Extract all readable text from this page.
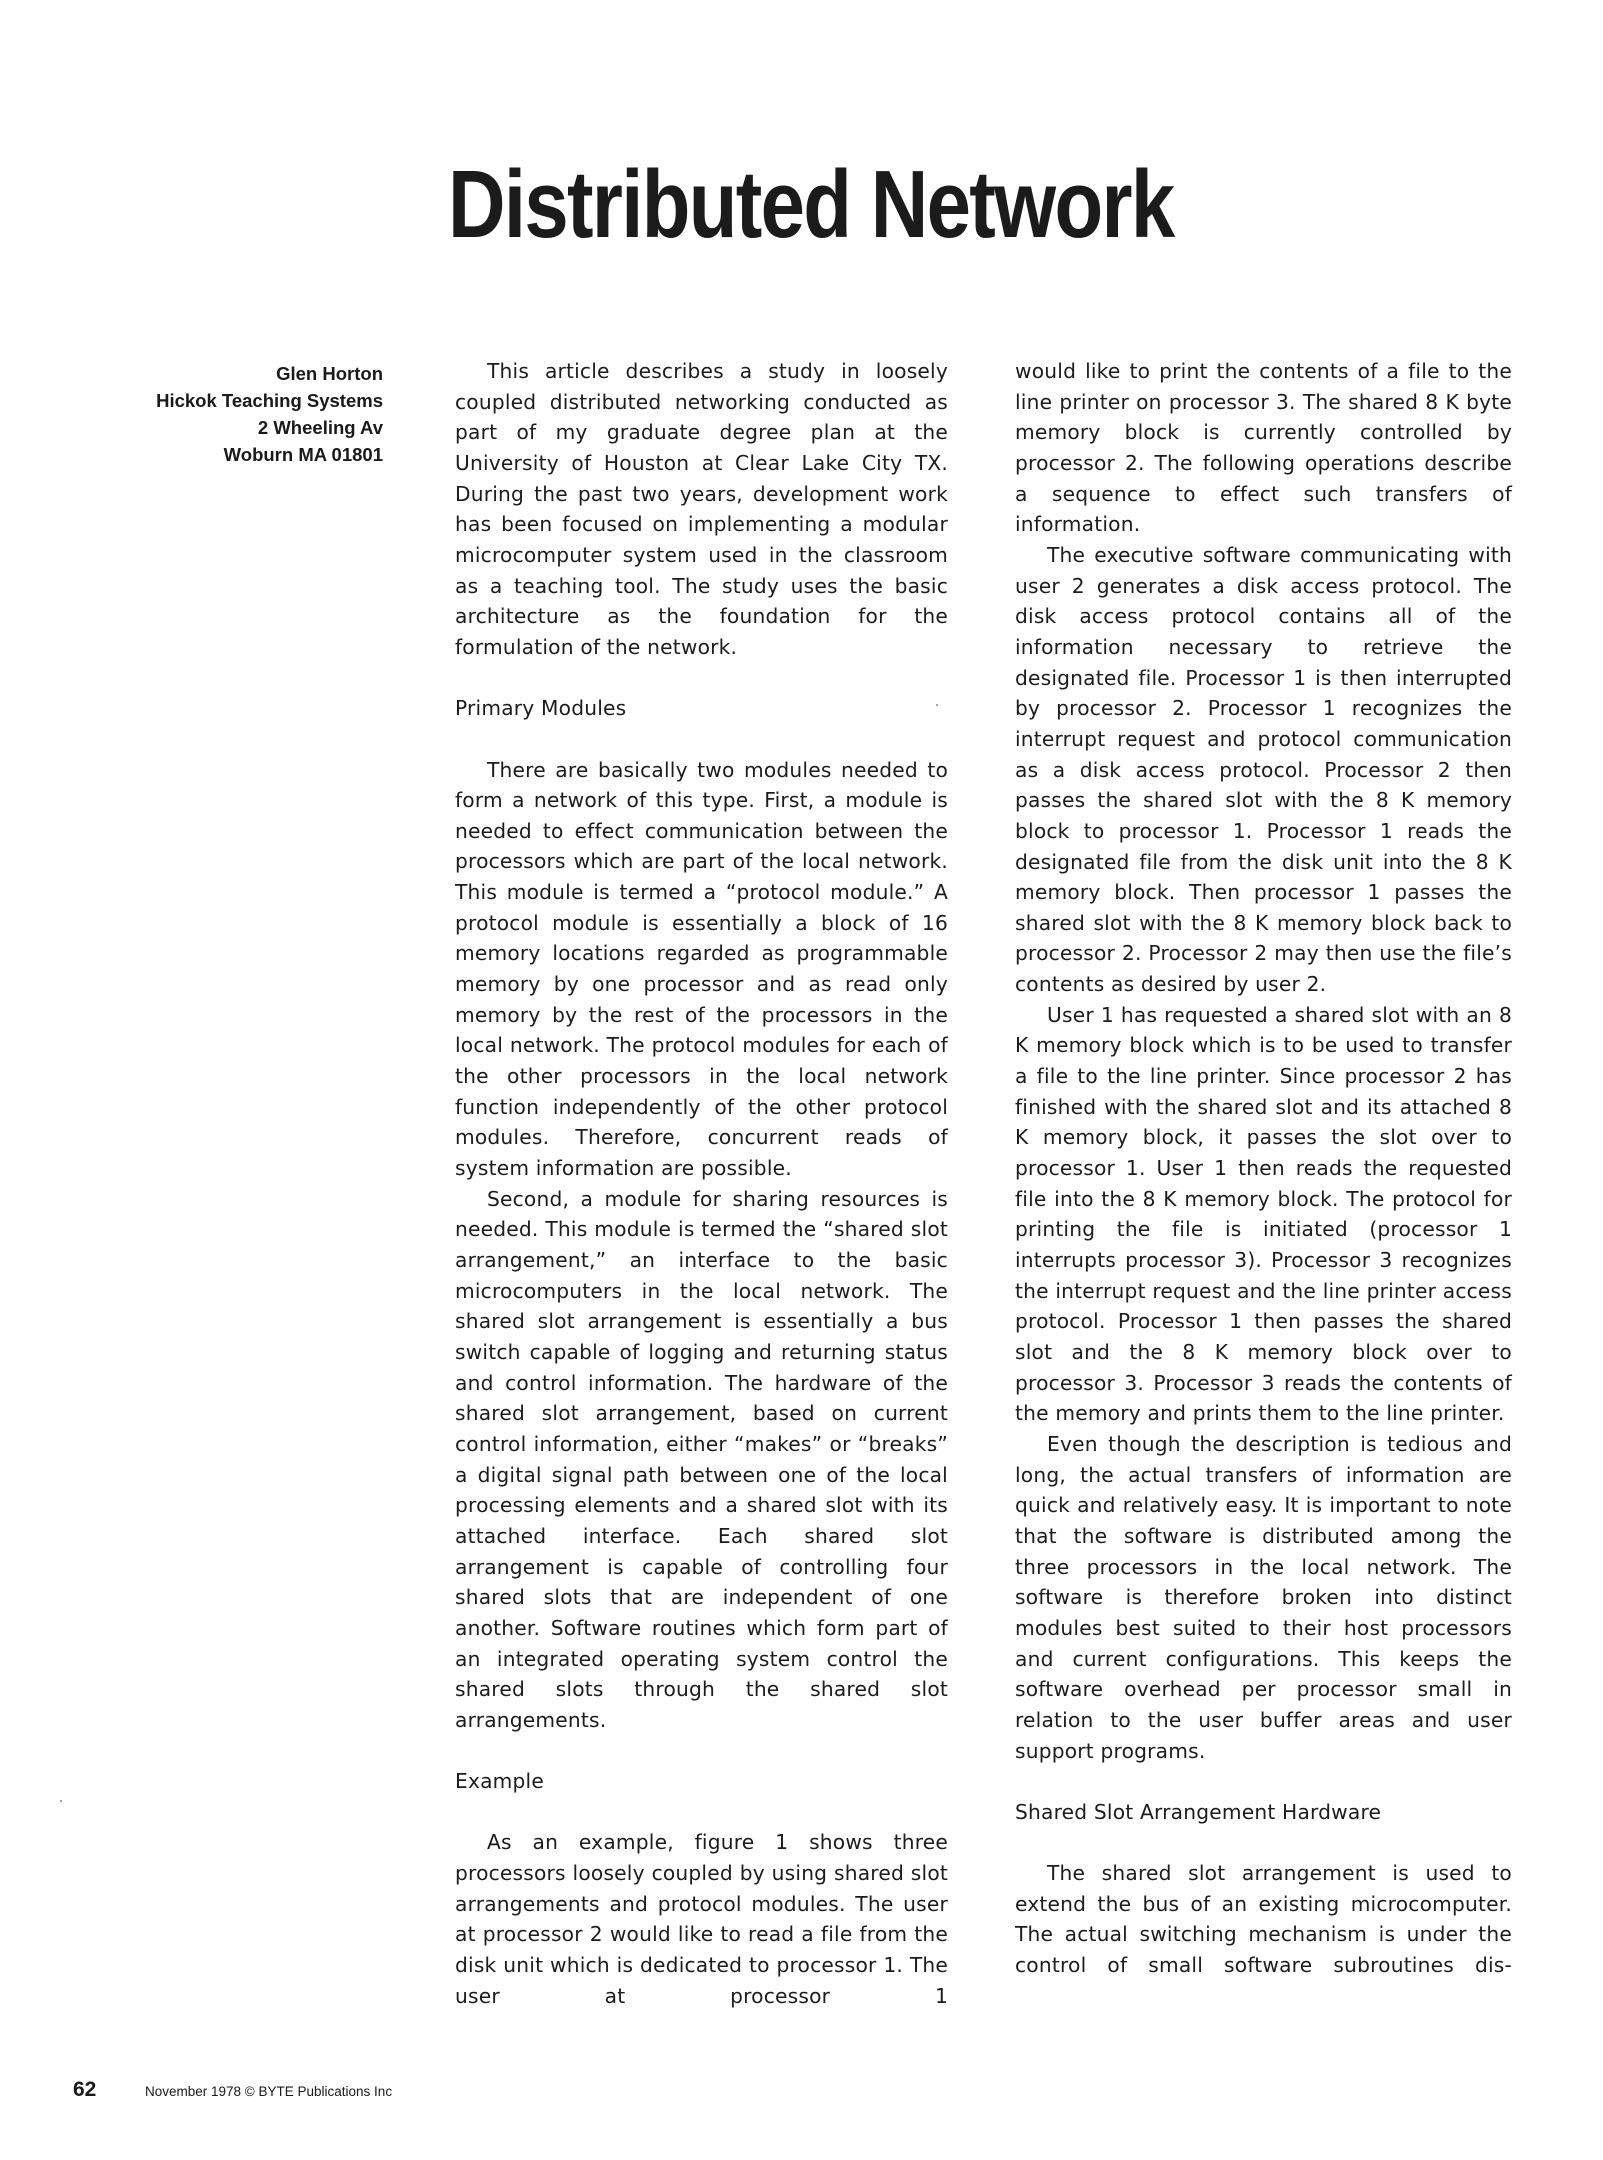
Distributed Network
Glen Horton
Hickok Teaching Systems
2 Wheeling Av
Woburn MA 01801

This article describes a study in loosely coupled distributed networking conducted as part of my graduate degree plan at the University of Houston at Clear Lake City TX. During the past two years, development work has been focused on implementing a modular microcomputer system used in the classroom as a teaching tool. The study uses the basic architecture as the foundation for the formulation of the network.

Primary Modules

There are basically two modules needed to form a network of this type. First, a module is needed to effect communication between the processors which are part of the local network. This module is termed a “protocol module.” A protocol module is essentially a block of 16 memory locations regarded as programmable memory by one processor and as read only memory by the rest of the processors in the local network. The protocol modules for each of the other processors in the local network function independently of the other protocol modules. Therefore, concurrent reads of system information are possible.

Second, a module for sharing resources is needed. This module is termed the “shared slot arrangement,” an interface to the basic microcomputers in the local network. The shared slot arrangement is essentially a bus switch capable of logging and returning status and control information. The hardware of the shared slot arrangement, based on current control information, either “makes” or “breaks” a digital signal path between one of the local processing elements and a shared slot with its attached interface. Each shared slot arrangement is capable of controlling four shared slots that are independent of one another. Software routines which form part of an integrated operating system control the shared slots through the shared slot arrangements.

Example

As an example, figure 1 shows three processors loosely coupled by using shared slot arrangements and protocol modules. The user at processor 2 would like to read a file from the disk unit which is dedicated to processor 1. The user at processor 1

would like to print the contents of a file to the line printer on processor 3. The shared 8 K byte memory block is currently controlled by processor 2. The following operations describe a sequence to effect such transfers of information.

The executive software communicating with user 2 generates a disk access protocol. The disk access protocol contains all of the information necessary to retrieve the designated file. Processor 1 is then interrupted by processor 2. Processor 1 recognizes the interrupt request and protocol communication as a disk access protocol. Processor 2 then passes the shared slot with the 8 K memory block to processor 1. Processor 1 reads the designated file from the disk unit into the 8 K memory block. Then processor 1 passes the shared slot with the 8 K memory block back to processor 2. Processor 2 may then use the file’s contents as desired by user 2.

User 1 has requested a shared slot with an 8 K memory block which is to be used to transfer a file to the line printer. Since processor 2 has finished with the shared slot and its attached 8 K memory block, it passes the slot over to processor 1. User 1 then reads the requested file into the 8 K memory block. The protocol for printing the file is initiated (processor 1 interrupts processor 3). Processor 3 recognizes the interrupt request and the line printer access protocol. Processor 1 then passes the shared slot and the 8 K memory block over to processor 3. Processor 3 reads the contents of the memory and prints them to the line printer.

Even though the description is tedious and long, the actual transfers of information are quick and relatively easy. It is important to note that the software is distributed among the three processors in the local network. The software is therefore broken into distinct modules best suited to their host processors and current configurations. This keeps the software overhead per processor small in relation to the user buffer areas and user support programs.

Shared Slot Arrangement Hardware

The shared slot arrangement is used to extend the bus of an existing microcomputer. The actual switching mechanism is under the control of small software subroutines dis-

62	November 1978 © BYTE Publications Inc
